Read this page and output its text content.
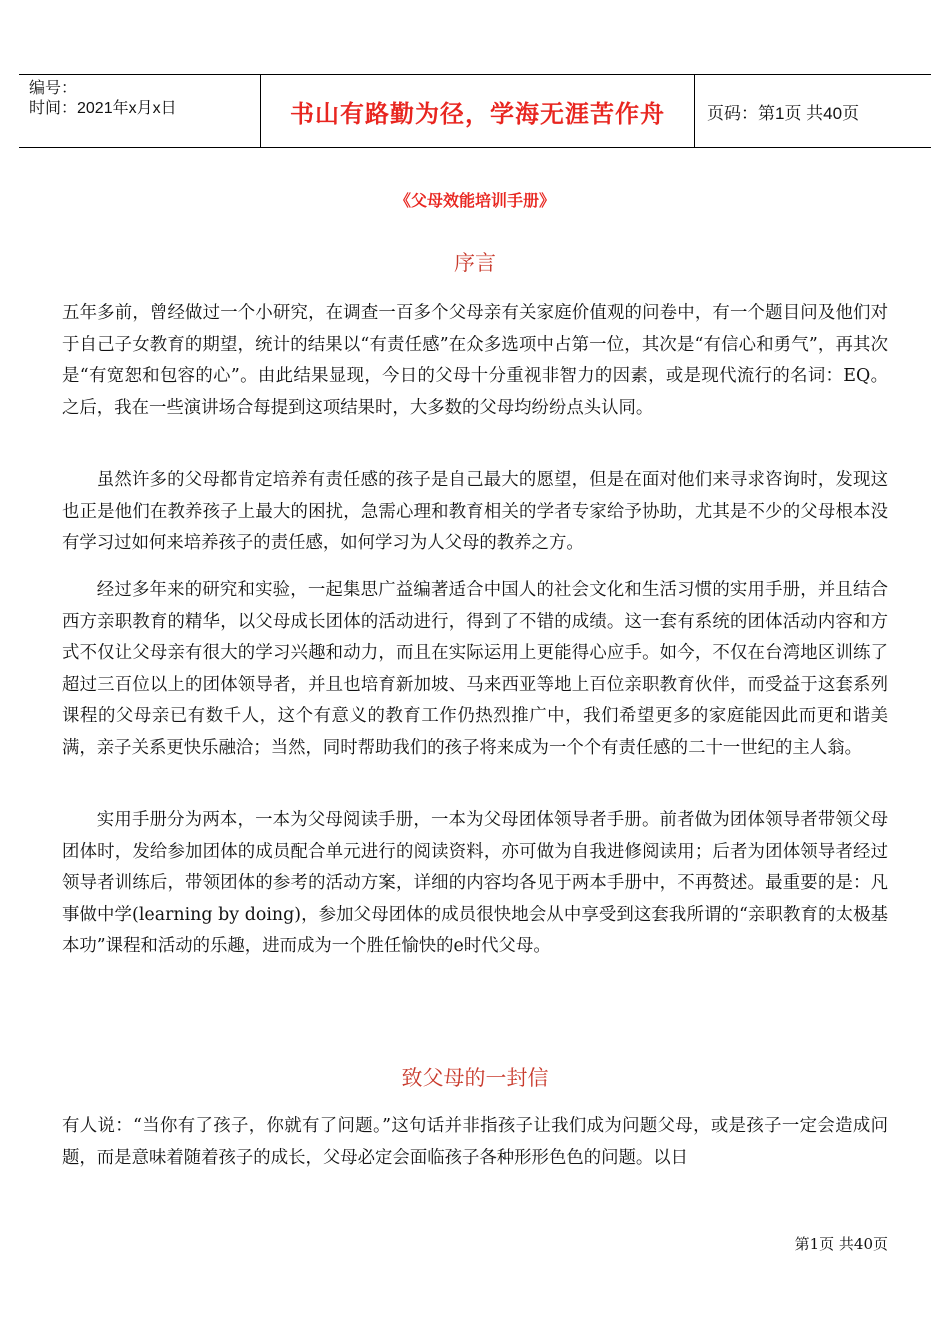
编号：
时间：2021年x月x日	书山有路勤为径，学海无涯苦作舟 页码：第1页 共40页
《父母效能培训手册》
序言

五年多前，曾经做过一个小研究，在调查一百多个父母亲有关家庭价值观的问卷中，有一个题目问及他们对于自己子女教育的期望，统计的结果以“有责任感”在众多选项中占第一位，其次是“有信心和勇气”，再其次是“有宽恕和包容的心”。由此结果显现，今日的父母十分重视非智力的因素，或是现代流行的名词：EQ。之后，我在一些演讲场合每提到这项结果时，大多数的父母均纷纷点头认同。

虽然许多的父母都肯定培养有责任感的孩子是自己最大的愿望，但是在面对他们来寻求咨询时，发现这也正是他们在教养孩子上最大的困扰，急需心理和教育相关的学者专家给予协助，尤其是不少的父母根本没有学习过如何来培养孩子的责任感，如何学习为人父母的教养之方。

经过多年来的研究和实验，一起集思广益编著适合中国人的社会文化和生活习惯的实用手册，并且结合西方亲职教育的精华，以父母成长团体的活动进行，得到了不错的成绩。这一套有系统的团体活动内容和方式不仅让父母亲有很大的学习兴趣和动力，而且在实际运用上更能得心应手。如今，不仅在台湾地区训练了超过三百位以上的团体领导者，并且也培育新加坡、马来西亚等地上百位亲职教育伙伴，而受益于这套系列课程的父母亲已有数千人，这个有意义的教育工作仍热烈推广中，我们希望更多的家庭能因此而更和谐美满，亲子关系更快乐融洽；当然，同时帮助我们的孩子将来成为一个个有责任感的二十一世纪的主人翁。

实用手册分为两本，一本为父母阅读手册，一本为父母团体领导者手册。前者做为团体领导者带领父母团体时，发给参加团体的成员配合单元进行的阅读资料，亦可做为自我进修阅读用；后者为团体领导者经过领导者训练后，带领团体的参考的活动方案，详细的内容均各见于两本手册中，不再赘述。最重要的是：凡事做中学(learning by doing)，参加父母团体的成员很快地会从中享受到这套我所谓的“亲职教育的太极基本功”课程和活动的乐趣，进而成为一个胜任愉快的e时代父母。

致父母的一封信

有人说：“当你有了孩子，你就有了问题。”这句话并非指孩子让我们成为问题父母，或是孩子一定会造成问题，而是意味着随着孩子的成长，父母必定会面临孩子各种形形色色的问题。以日

第1页 共40页
